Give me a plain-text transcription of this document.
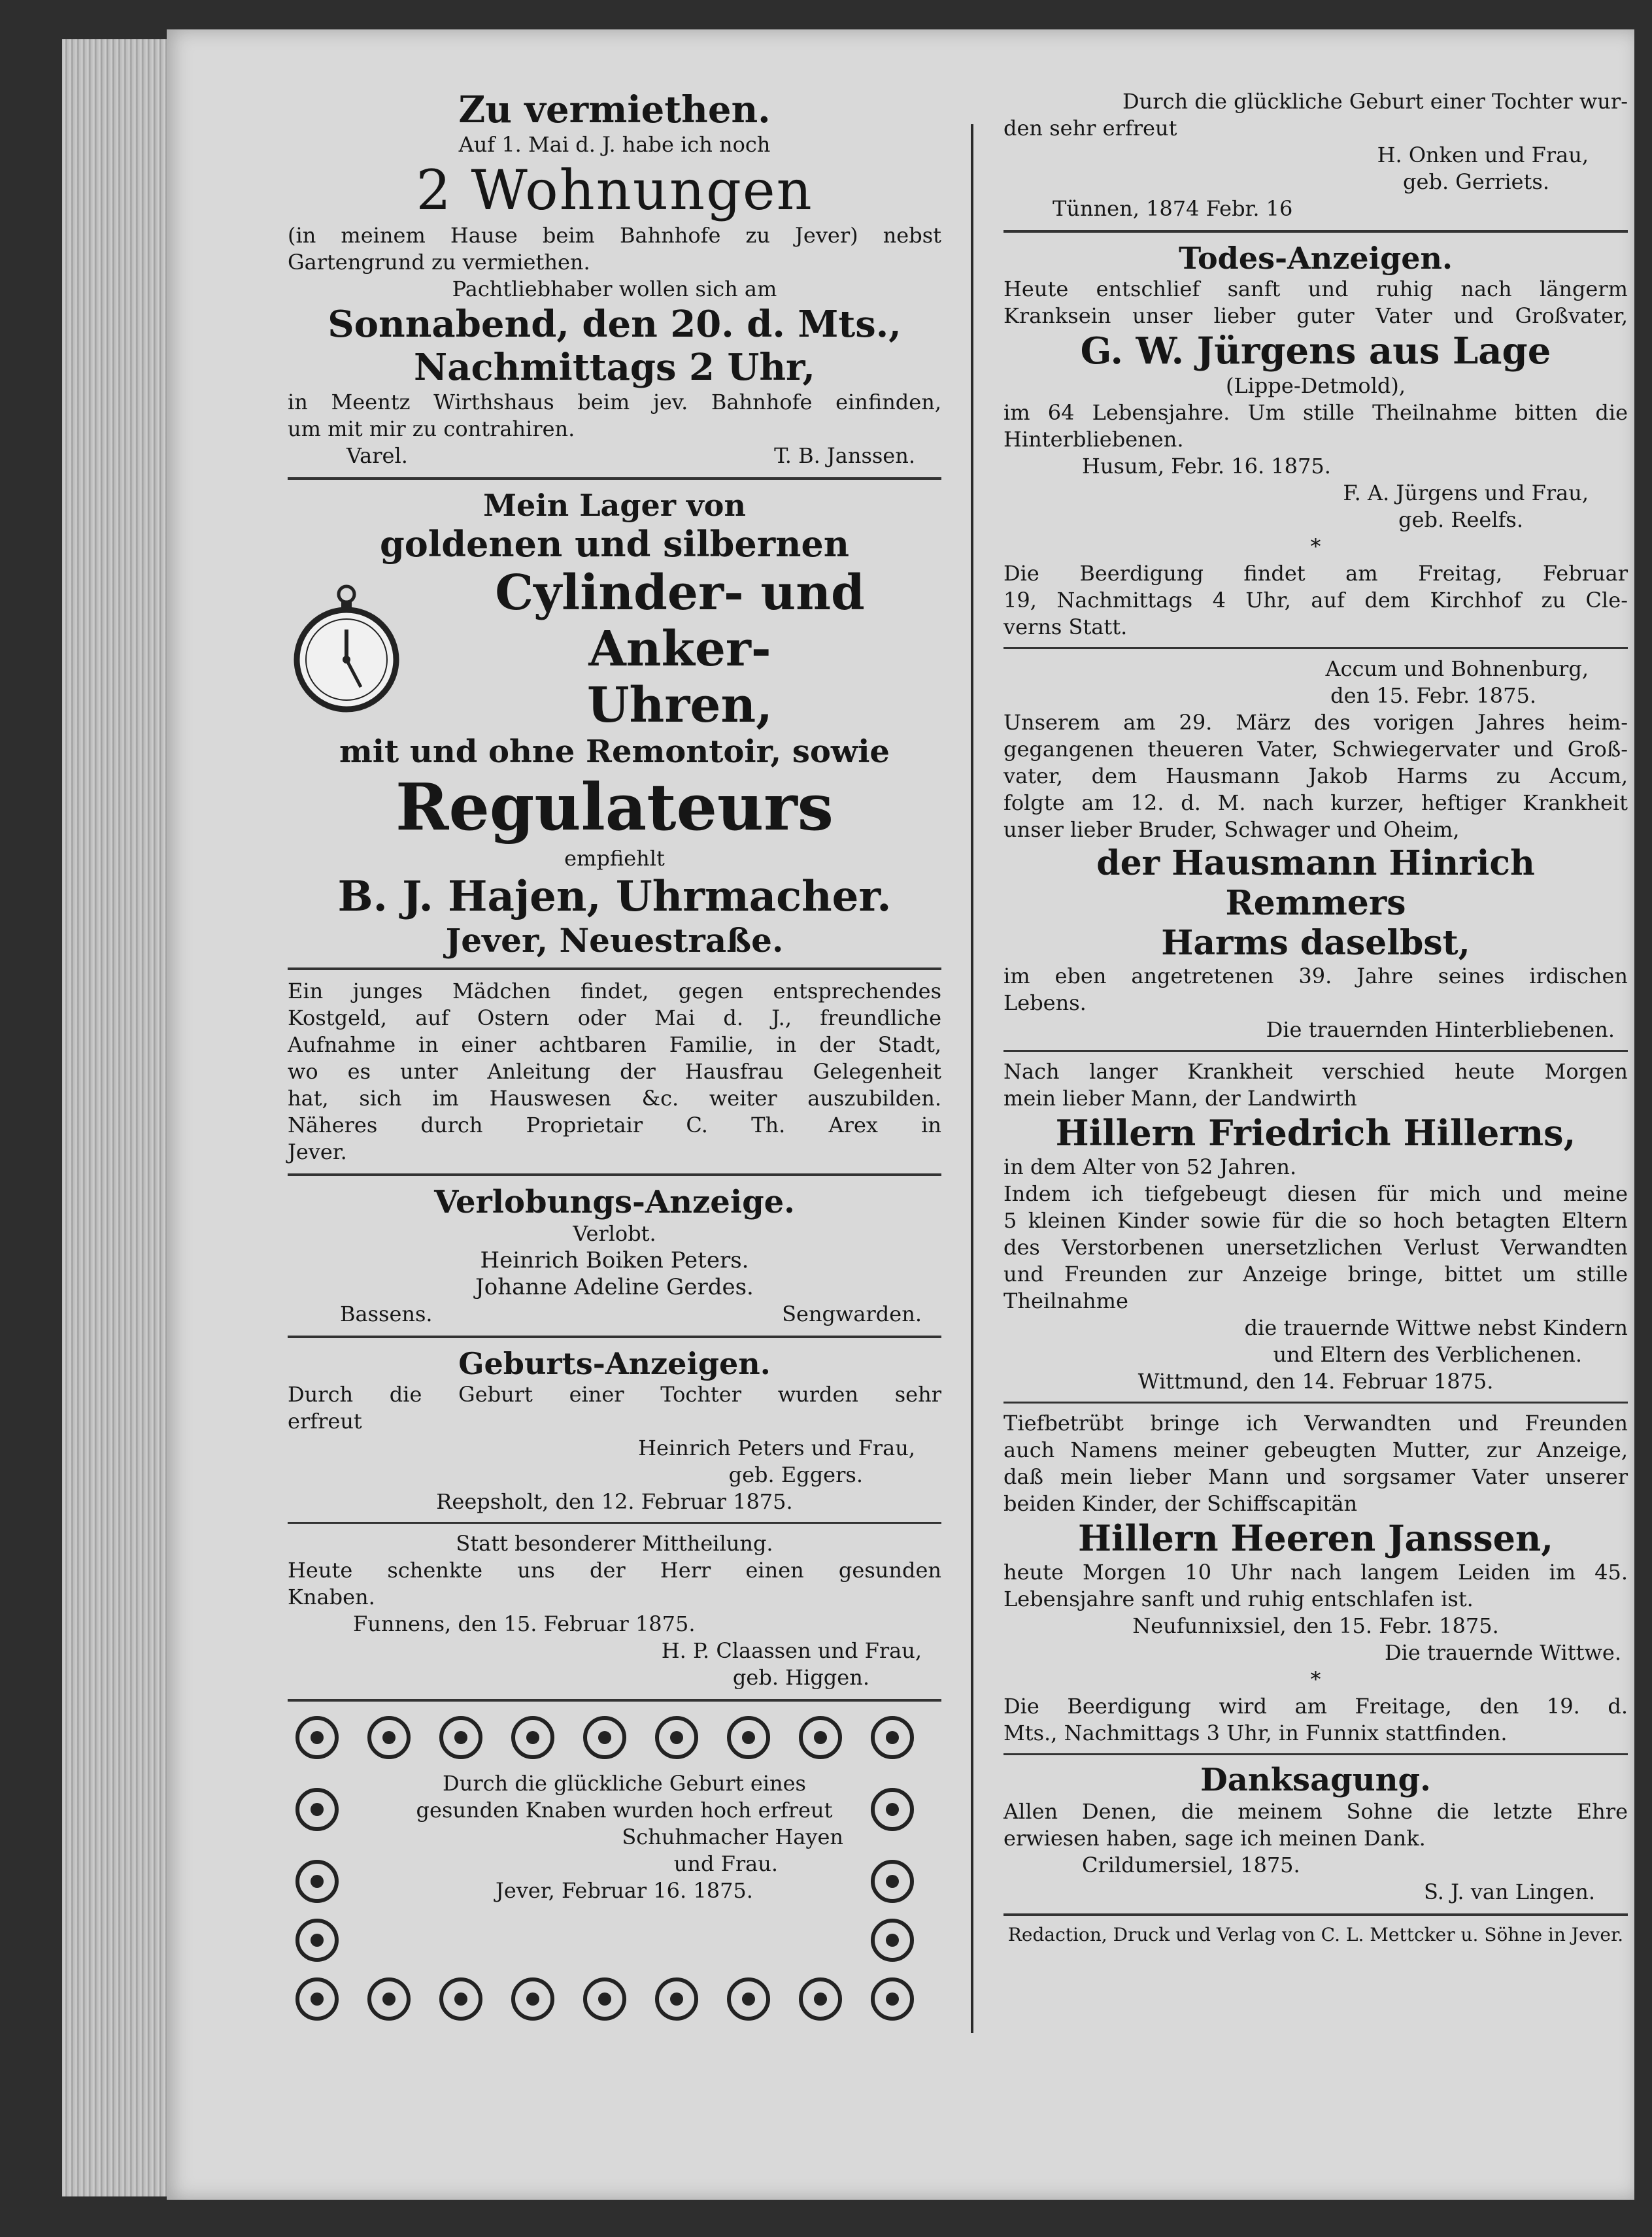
Zu vermiethen.
Auf 1. Mai d. J. habe ich noch
2 Wohnungen
(in meinem Hause beim Bahnhofe zu Jever) nebst
Gartengrund zu vermiethen.
Pachtliebhaber wollen sich am
Sonnabend, den 20. d. Mts.,
Nachmittags 2 Uhr,
in Meentz Wirthshaus beim jev. Bahnhofe einfinden,
um mit mir zu contrahiren.
Varel.	T. B. Janssen.
Mein Lager von
goldenen und silbernen
Cylinder- und Anker-
Uhren,
mit und ohne Remontoir, sowie
Regulateurs
empfiehlt
B. J. Hajen, Uhrmacher.
Jever, Neuestraße.
Ein junges Mädchen findet, gegen entsprechendes
Kostgeld, auf Ostern oder Mai d. J., freundliche
Aufnahme in einer achtbaren Familie, in der Stadt,
wo es unter Anleitung der Hausfrau Gelegenheit
hat, sich im Hauswesen &c. weiter auszubilden.
Näheres durch Proprietair C. Th. Arex in
Jever.
Verlobungs-Anzeige.
Verlobt.
Heinrich Boiken Peters.
Johanne Adeline Gerdes.
Bassens.	Sengwarden.
Geburts-Anzeigen.
Durch die Geburt einer Tochter wurden sehr
erfreut
Heinrich Peters und Frau,
geb. Eggers.
Reepsholt, den 12. Februar 1875.
Statt besonderer Mittheilung.
Heute schenkte uns der Herr einen gesunden
Knaben.
Funnens, den 15. Februar 1875.
H. P. Claassen und Frau,
geb. Higgen.
Durch die glückliche Geburt eines
gesunden Knaben wurden hoch erfreut
Schuhmacher Hayen
und Frau.
Jever, Februar 16. 1875.
Durch die glückliche Geburt einer Tochter wur-
den sehr erfreut
H. Onken und Frau,
geb. Gerriets.
Tünnen, 1874 Febr. 16
Todes-Anzeigen.
Heute entschlief sanft und ruhig nach längerm
Kranksein unser lieber guter Vater und Großvater,
G. W. Jürgens aus Lage
(Lippe-Detmold),
im 64 Lebensjahre. Um stille Theilnahme bitten die
Hinterbliebenen.
Husum, Febr. 16. 1875.
F. A. Jürgens und Frau,
geb. Reelfs.
*
Die Beerdigung findet am Freitag, Februar
19, Nachmittags 4 Uhr, auf dem Kirchhof zu Cle-
verns Statt.
Accum und Bohnenburg,
den 15. Febr. 1875.
Unserem am 29. März des vorigen Jahres heim-
gegangenen theueren Vater, Schwiegervater und Groß-
vater, dem Hausmann Jakob Harms zu Accum,
folgte am 12. d. M. nach kurzer, heftiger Krankheit
unser lieber Bruder, Schwager und Oheim,
der Hausmann Hinrich Remmers
Harms daselbst,
im eben angetretenen 39. Jahre seines irdischen
Lebens.
Die trauernden Hinterbliebenen.
Nach langer Krankheit verschied heute Morgen
mein lieber Mann, der Landwirth
Hillern Friedrich Hillerns,
in dem Alter von 52 Jahren.
Indem ich tiefgebeugt diesen für mich und meine
5 kleinen Kinder sowie für die so hoch betagten Eltern
des Verstorbenen unersetzlichen Verlust Verwandten
und Freunden zur Anzeige bringe, bittet um stille
Theilnahme
die trauernde Wittwe nebst Kindern
und Eltern des Verblichenen.
Wittmund, den 14. Februar 1875.
Tiefbetrübt bringe ich Verwandten und Freunden
auch Namens meiner gebeugten Mutter, zur Anzeige,
daß mein lieber Mann und sorgsamer Vater unserer
beiden Kinder, der Schiffscapitän
Hillern Heeren Janssen,
heute Morgen 10 Uhr nach langem Leiden im 45.
Lebensjahre sanft und ruhig entschlafen ist.
Neufunnixsiel, den 15. Febr. 1875.
Die trauernde Wittwe.
*
Die Beerdigung wird am Freitage, den 19. d.
Mts., Nachmittags 3 Uhr, in Funnix stattfinden.
Danksagung.
Allen Denen, die meinem Sohne die letzte Ehre
erwiesen haben, sage ich meinen Dank.
Crildumersiel, 1875.
S. J. van Lingen.
Redaction, Druck und Verlag von C. L. Mettcker u. Söhne in Jever.
